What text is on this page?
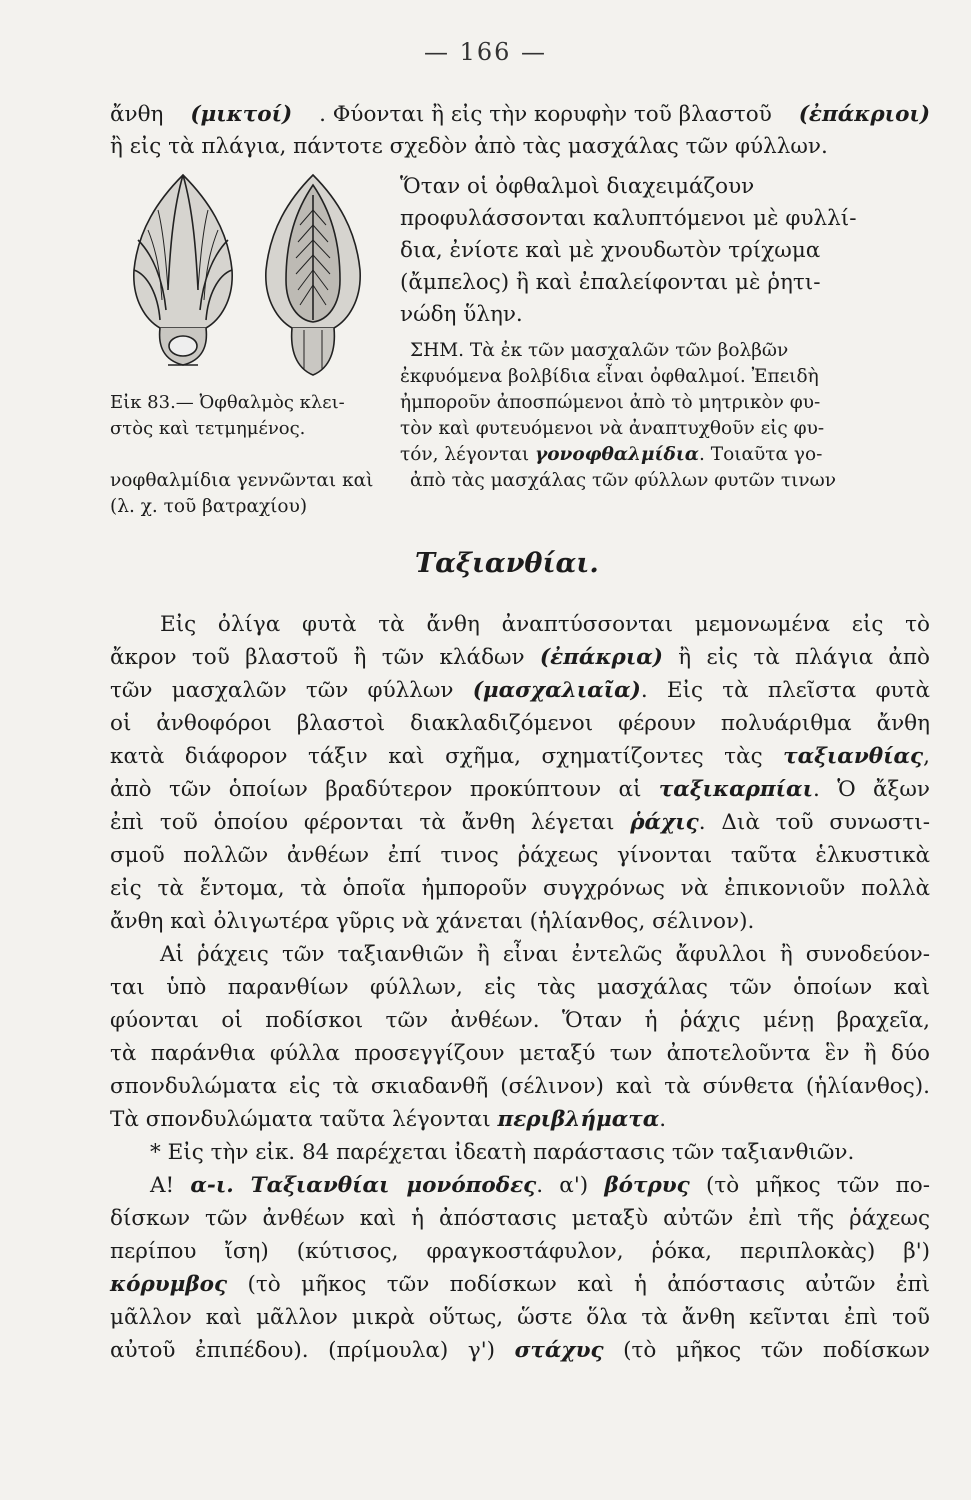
— 166 —
ἄνθη (μικτοί) . Φύονται ἢ εἰς τὴν κορυφὴν τοῦ βλαστοῦ (ἐπάκριοι)
ἢ εἰς τὰ πλάγια, πάντοτε σχεδὸν ἀπὸ τὰς μασχάλας τῶν φύλλων.
Ὅταν οἱ ὀφθαλμοὶ διαχειμάζουν
προφυλάσσονται καλυπτόμενοι μὲ φυλλί-
δια, ἐνίοτε καὶ μὲ χνουδωτὸν τρίχωμα
(ἄμπελος) ἢ καὶ ἐπαλείφονται μὲ ῥητι-
νώδη ὕλην.
ΣΗΜ. Τὰ ἐκ τῶν μασχαλῶν τῶν βολβῶν
ἐκφυόμενα βολβίδια εἶναι ὀφθαλμοί. Ἐπειδὴ
ἠμποροῦν ἀποσπώμενοι ἀπὸ τὸ μητρικὸν φυ-
τὸν καὶ φυτευόμενοι νὰ ἀναπτυχθοῦν εἰς φυ-
τόν, λέγονται γονοφθαλμίδια. Τοιαῦτα γο-
Εἰκ 83.— Ὀφθαλμὸς κλει-
στὸς καὶ τετμημένος.
νοφθαλμίδια γεννῶνται καὶ ἀπὸ τὰς μασχάλας τῶν φύλλων φυτῶν τινων
(λ. χ. τοῦ βατραχίου)
Ταξιανθίαι.
Εἰς ὀλίγα φυτὰ τὰ ἄνθη ἀναπτύσσονται μεμονωμένα εἰς τὸ
ἄκρον τοῦ βλαστοῦ ἢ τῶν κλάδων (ἐπάκρια) ἢ εἰς τὰ πλάγια ἀπὸ
τῶν μασχαλῶν τῶν φύλλων (μασχαλιαῖα). Εἰς τὰ πλεῖστα φυτὰ
οἱ ἀνθοφόροι βλαστοὶ διακλαδιζόμενοι φέρουν πολυάριθμα ἄνθη
κατὰ διάφορον τάξιν καὶ σχῆμα, σχηματίζοντες τὰς ταξιανθίας,
ἀπὸ τῶν ὁποίων βραδύτερον προκύπτουν αἱ ταξικαρπίαι. Ὁ ἄξων
ἐπὶ τοῦ ὁποίου φέρονται τὰ ἄνθη λέγεται ῥάχις. Διὰ τοῦ συνωστι-
σμοῦ πολλῶν ἀνθέων ἐπί τινος ῥάχεως γίνονται ταῦτα ἑλκυστικὰ
εἰς τὰ ἔντομα, τὰ ὁποῖα ἠμποροῦν συγχρόνως νὰ ἐπικονιοῦν πολλὰ
ἄνθη καὶ ὀλιγωτέρα γῦρις νὰ χάνεται (ἡλίανθος, σέλινον).
Αἱ ῥάχεις τῶν ταξιανθιῶν ἢ εἶναι ἐντελῶς ἄφυλλοι ἢ συνοδεύον-
ται ὑπὸ παρανθίων φύλλων, εἰς τὰς μασχάλας τῶν ὁποίων καὶ
φύονται οἱ ποδίσκοι τῶν ἀνθέων. Ὅταν ἡ ῥάχις μένῃ βραχεῖα,
τὰ παράνθια φύλλα προσεγγίζουν μεταξύ των ἀποτελοῦντα ἓν ἢ δύο
σπονδυλώματα εἰς τὰ σκιαδανθῆ (σέλινον) καὶ τὰ σύνθετα (ἡλίανθος).
Τὰ σπονδυλώματα ταῦτα λέγονται περιβλήματα.
* Εἰς τὴν εἰκ. 84 παρέχεται ἰδεατὴ παράστασις τῶν ταξιανθιῶν.
Α! α-ι. Ταξιανθίαι μονόποδες. α') βότρυς (τὸ μῆκος τῶν πο-
δίσκων τῶν ἀνθέων καὶ ἡ ἀπόστασις μεταξὺ αὐτῶν ἐπὶ τῆς ῥάχεως
περίπου ἴση) (κύτισος, φραγκοστάφυλον, ῥόκα, περιπλοκὰς) β')
κόρυμβος (τὸ μῆκος τῶν ποδίσκων καὶ ἡ ἀπόστασις αὐτῶν ἐπὶ
μᾶλλον καὶ μᾶλλον μικρὰ οὕτως, ὥστε ὅλα τὰ ἄνθη κεῖνται ἐπὶ τοῦ
αὐτοῦ ἐπιπέδου). (πρίμουλα) γ') στάχυς (τὸ μῆκος τῶν ποδίσκων
